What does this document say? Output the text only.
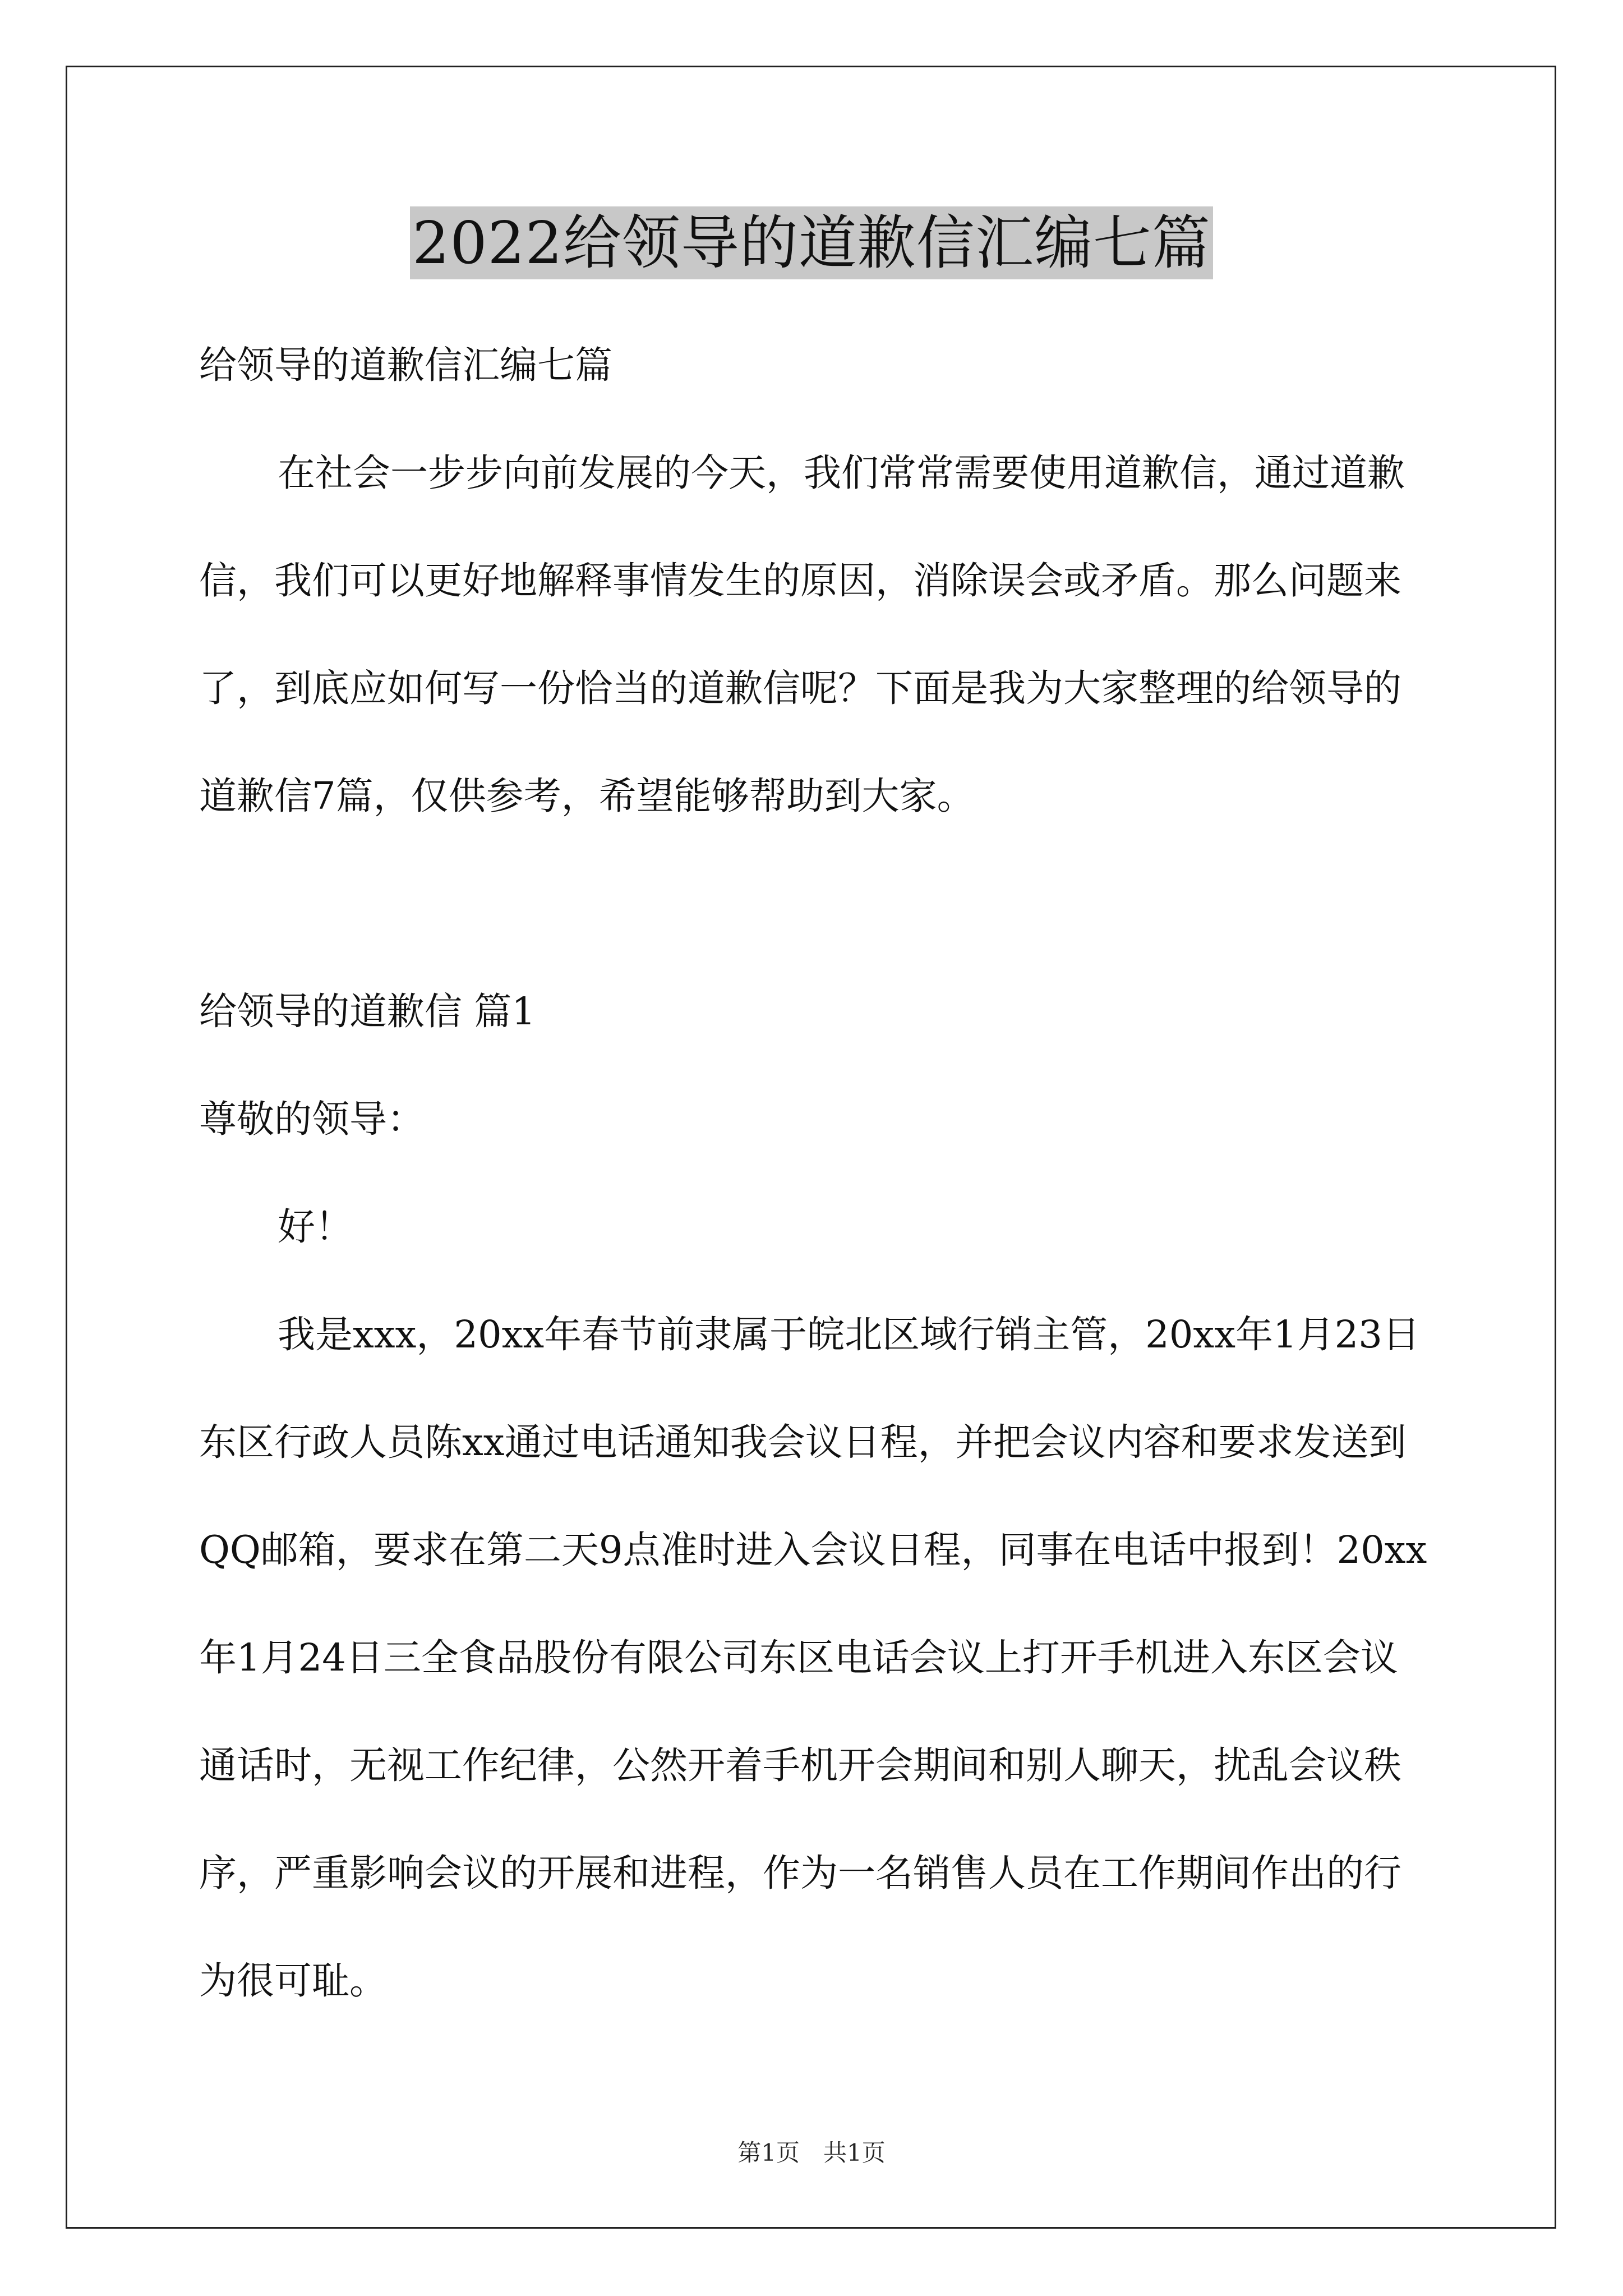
2022给领导的道歉信汇编七篇

给领导的道歉信汇编七篇

在社会一步步向前发展的今天，我们常常需要使用道歉信，通过道歉信，我们可以更好地解释事情发生的原因，消除误会或矛盾。那么问题来了，到底应如何写一份恰当的道歉信呢？下面是我为大家整理的给领导的道歉信7篇，仅供参考，希望能够帮助到大家。

给领导的道歉信 篇1

尊敬的领导：

好！

我是xxx，20xx年春节前隶属于皖北区域行销主管，20xx年1月23日东区行政人员陈xx通过电话通知我会议日程，并把会议内容和要求发送到QQ邮箱，要求在第二天9点准时进入会议日程，同事在电话中报到！20xx年1月24日三全食品股份有限公司东区电话会议上打开手机进入东区会议通话时，无视工作纪律，公然开着手机开会期间和别人聊天，扰乱会议秩序，严重影响会议的开展和进程，作为一名销售人员在工作期间作出的行为很可耻。

第1页　共1页
